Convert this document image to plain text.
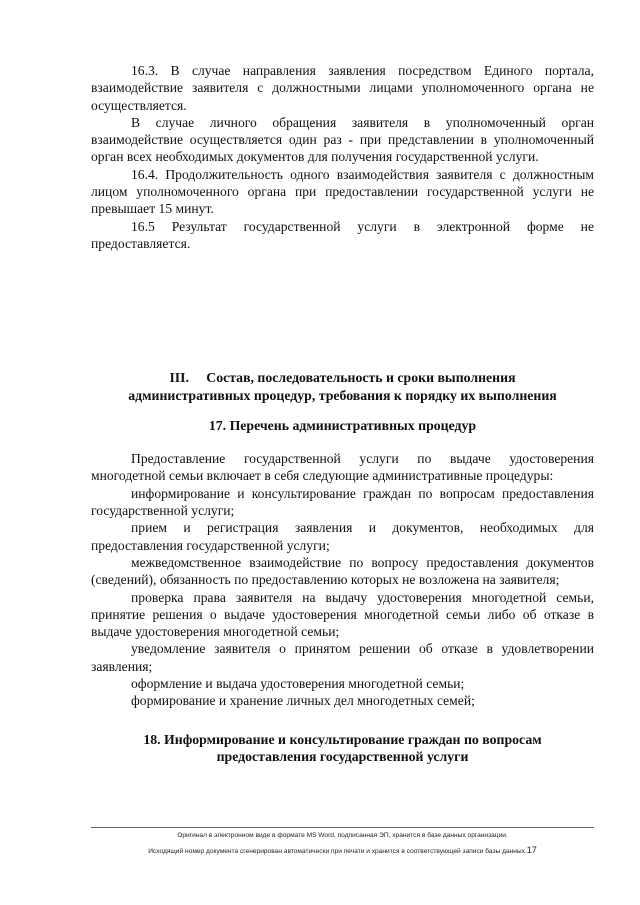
16.3. В случае направления заявления посредством Единого портала, взаимодействие заявителя с должностными лицами уполномоченного органа не осуществляется.

В случае личного обращения заявителя в уполномоченный орган взаимодействие осуществляется один раз - при представлении в уполномоченный орган всех необходимых документов для получения государственной услуги.

16.4. Продолжительность одного взаимодействия заявителя с должностным лицом уполномоченного органа при предоставлении государственной услуги не превышает 15 минут.

16.5 Результат государственной услуги в электронной форме не предоставляется.

III.     Состав, последовательность и сроки выполнения

административных процедур, требования к порядку их выполнения

17. Перечень административных процедур

Предоставление государственной услуги по выдаче удостоверения многодетной семьи включает в себя следующие административные процедуры:

информирование и консультирование граждан по вопросам предоставления государственной услуги;

прием и регистрация заявления и документов, необходимых для предоставления государственной услуги;

межведомственное взаимодействие по вопросу предоставления документов (сведений), обязанность по предоставлению которых не возложена на заявителя;

проверка права заявителя на выдачу удостоверения многодетной семьи, принятие решения о выдаче удостоверения многодетной семьи либо об отказе в выдаче удостоверения многодетной семьи;

уведомление заявителя о принятом решении об отказе в удовлетворении заявления;

оформление и выдача удостоверения многодетной семьи;

формирование и хранение личных дел многодетных семей;

18. Информирование и консультирование граждан по вопросам

предоставления государственной услуги

Оригинал в электронном виде в формате MS Word, подписанная ЭП, хранится в базе данных организации.
Исходящий номер документа сгенерирован автоматически при печати и хранится в соответствующей записи базы данных.17
